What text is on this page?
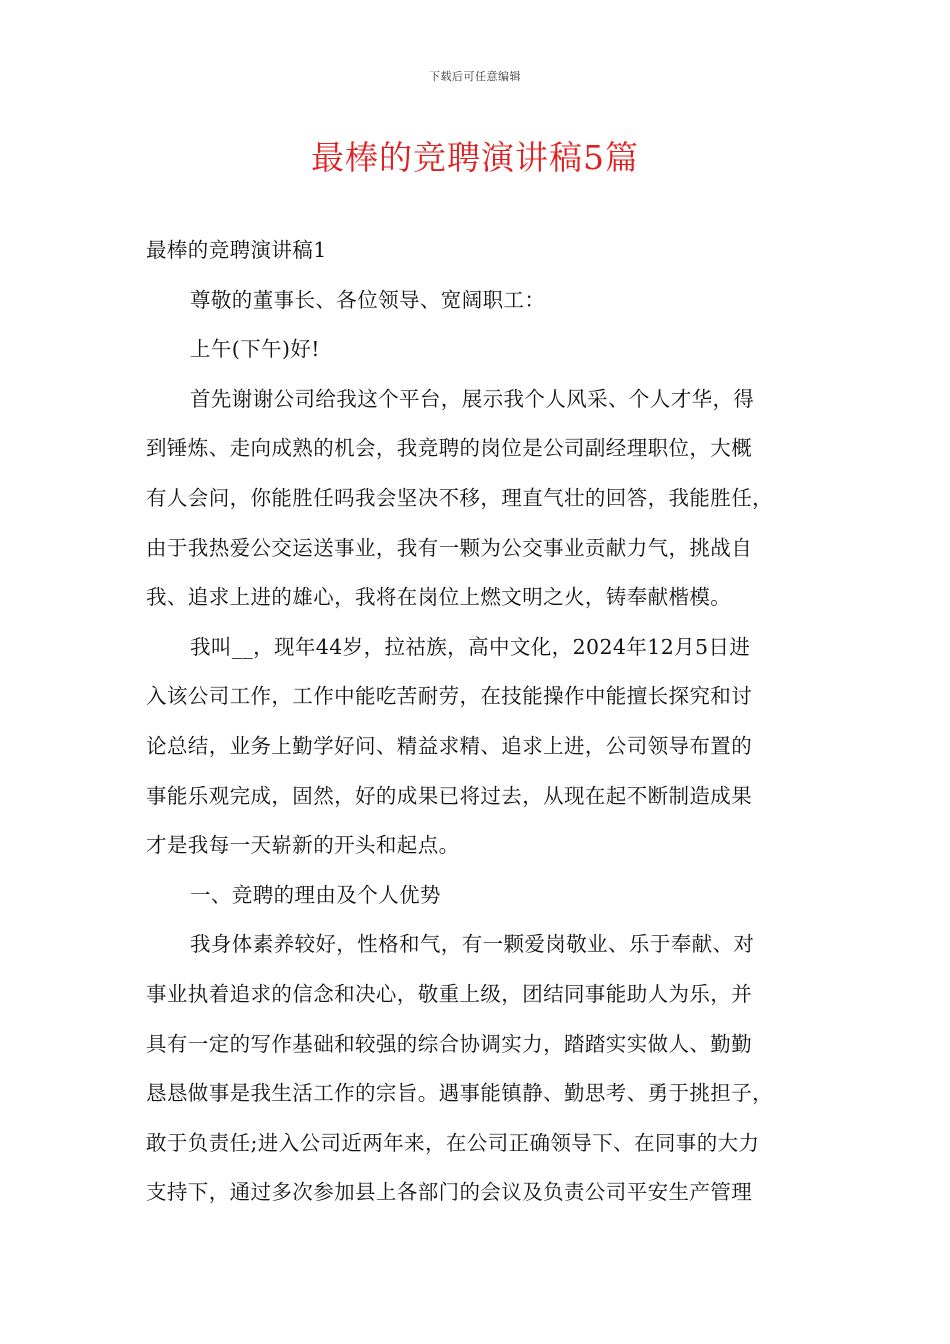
下载后可任意编辑
最棒的竞聘演讲稿5篇
最棒的竞聘演讲稿1
尊敬的董事长、各位领导、宽阔职工：
上午(下午)好!
首先谢谢公司给我这个平台，展示我个人风采、个人才华，得
到锤炼、走向成熟的机会，我竞聘的岗位是公司副经理职位，大概
有人会问，你能胜任吗我会坚决不移，理直气壮的回答，我能胜任，
由于我热爱公交运送事业，我有一颗为公交事业贡献力气，挑战自
我、追求上进的雄心，我将在岗位上燃文明之火，铸奉献楷模。
我叫__，现年44岁，拉祜族，高中文化，2024年12月5日进
入该公司工作，工作中能吃苦耐劳，在技能操作中能擅长探究和讨
论总结，业务上勤学好问、精益求精、追求上进，公司领导布置的
事能乐观完成，固然，好的成果已将过去，从现在起不断制造成果
才是我每一天崭新的开头和起点。
一、竞聘的理由及个人优势
我身体素养较好，性格和气，有一颗爱岗敬业、乐于奉献、对
事业执着追求的信念和决心，敬重上级，团结同事能助人为乐，并
具有一定的写作基础和较强的综合协调实力，踏踏实实做人、勤勤
恳恳做事是我生活工作的宗旨。遇事能镇静、勤思考、勇于挑担子，
敢于负责任;进入公司近两年来，在公司正确领导下、在同事的大力
支持下，通过多次参加县上各部门的会议及负责公司平安生产管理
